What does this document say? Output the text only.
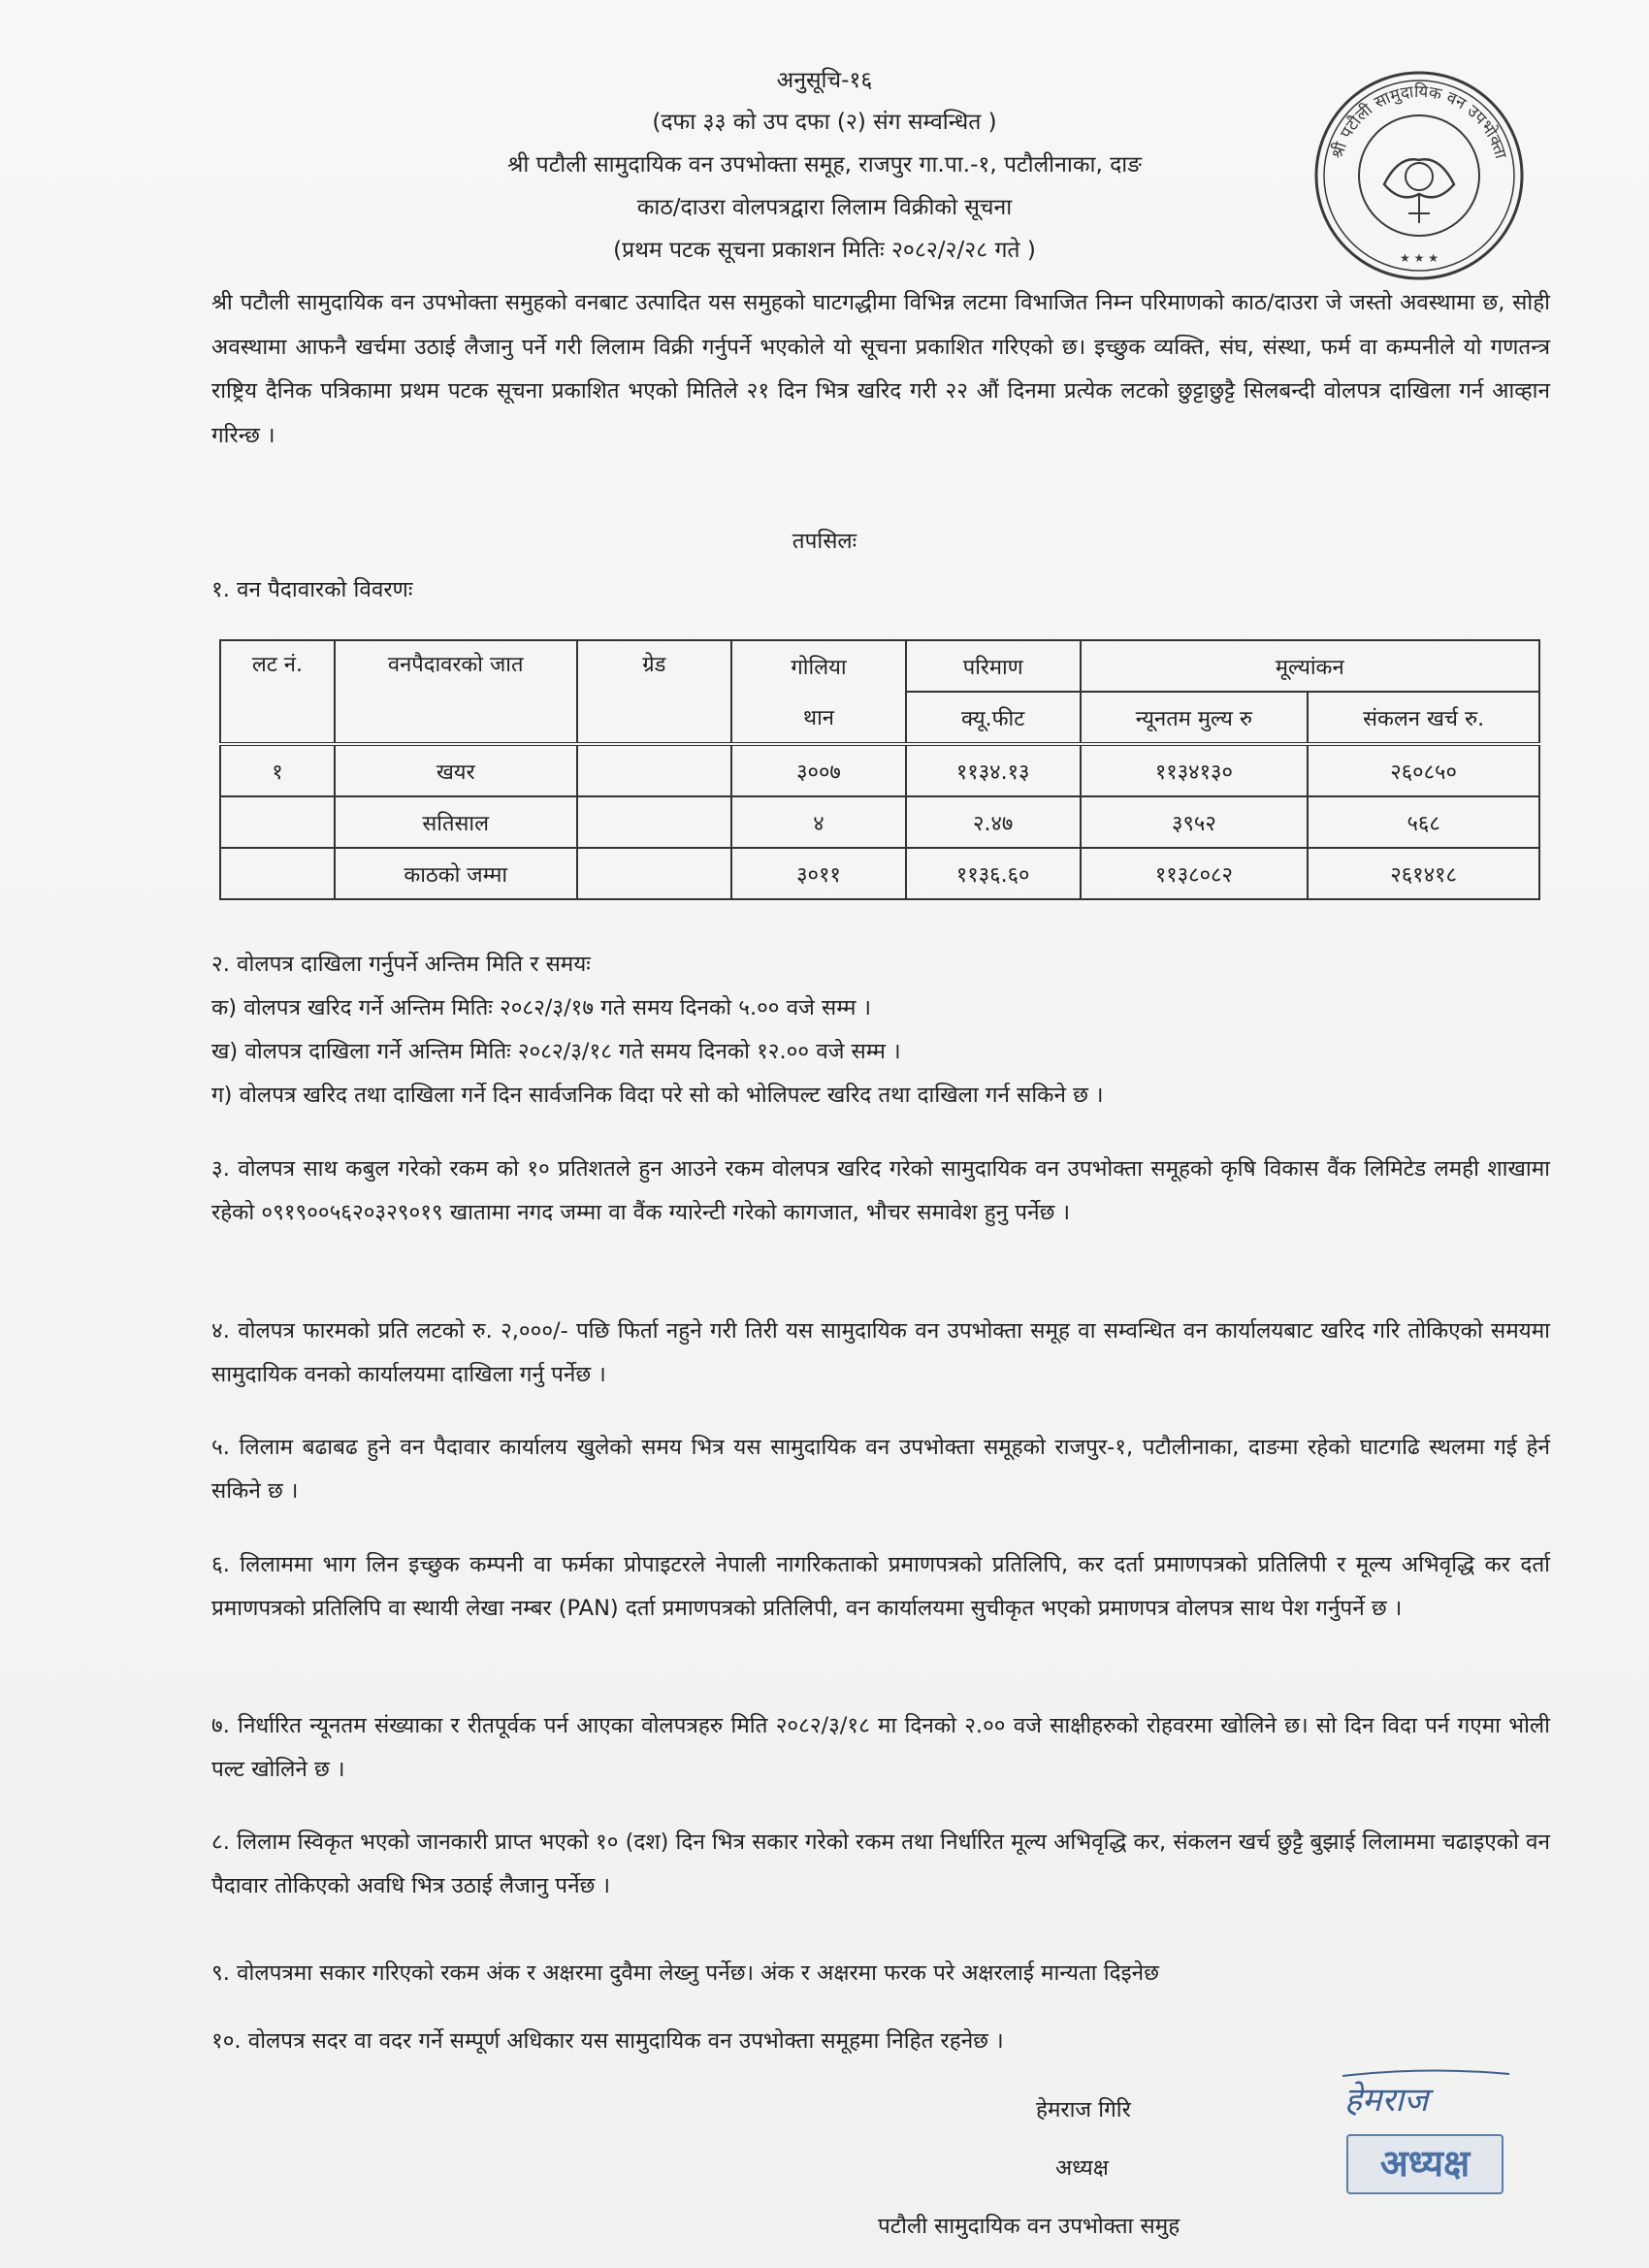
अनुसूचि-१६
(दफा ३३ को उप दफा (२) संग सम्वन्धित )
श्री पटौली सामुदायिक वन उपभोक्ता समूह, राजपुर गा.पा.-१, पटौलीनाका, दाङ
काठ/दाउरा वोलपत्रद्वारा लिलाम विक्रीको सूचना
(प्रथम पटक सूचना प्रकाशन मितिः २०८२/२/२८ गते )
श्री पटौली सामुदायिक वन उपभोक्ता
★ ★ ★
श्री पटौली सामुदायिक वन उपभोक्ता समुहको वनबाट उत्पादित यस समुहको घाटगद्धीमा विभिन्न लटमा विभाजित निम्न परिमाणको काठ/दाउरा जे जस्तो अवस्थामा छ, सोही अवस्थामा आफनै खर्चमा उठाई लैजानु पर्ने गरी लिलाम विक्री गर्नुपर्ने भएकोले यो सूचना प्रकाशित गरिएको छ। इच्छुक व्यक्ति, संघ, संस्था, फर्म वा कम्पनीले यो गणतन्त्र राष्ट्रिय दैनिक पत्रिकामा प्रथम पटक सूचना प्रकाशित भएको मितिले २१ दिन भित्र खरिद गरी २२ औं दिनमा प्रत्येक लटको छुट्टाछुट्टै सिलबन्दी वोलपत्र दाखिला गर्न आव्हान गरिन्छ ।
तपसिलः
१. वन पैदावारको विवरणः
लट नं.	वनपैदावरको जात	ग्रेड	गोलिया	परिमाण	मूल्यांकन	
			थान	क्यू.फीट	न्यूनतम मुल्य रु	संकलन खर्च रु.
१	खयर		३००७	११३४.१३	११३४१३०	२६०८५०
	सतिसाल		४	२.४७	३९५२	५६८
	काठको जम्मा		३०११	११३६.६०	११३८०८२	२६१४१८
२. वोलपत्र दाखिला गर्नुपर्ने अन्तिम मिति र समयः
क) वोलपत्र खरिद गर्ने अन्तिम मितिः २०८२/३/१७ गते समय दिनको ५.०० वजे सम्म ।
ख) वोलपत्र दाखिला गर्ने अन्तिम मितिः २०८२/३/१८ गते समय दिनको १२.०० वजे सम्म ।
ग) वोलपत्र खरिद तथा दाखिला गर्ने दिन सार्वजनिक विदा परे सो को भोलिपल्ट खरिद तथा दाखिला गर्न सकिने छ ।
३. वोलपत्र साथ कबुल गरेको रकम को १० प्रतिशतले हुन आउने रकम वोलपत्र खरिद गरेको सामुदायिक वन उपभोक्ता समूहको कृषि विकास वैंक लिमिटेड लमही शाखामा रहेको ०९१९००५६२०३२९०१९ खातामा नगद जम्मा वा वैंक ग्यारेन्टी गरेको कागजात, भौचर समावेश हुनु पर्नेछ ।
४. वोलपत्र फारमको प्रति लटको रु. २,०००/- पछि फिर्ता नहुने गरी तिरी यस सामुदायिक वन उपभोक्ता समूह वा सम्वन्धित वन कार्यालयबाट खरिद गरि तोकिएको समयमा सामुदायिक वनको कार्यालयमा दाखिला गर्नु पर्नेछ ।
५. लिलाम बढाबढ हुने वन पैदावार कार्यालय खुलेको समय भित्र यस सामुदायिक वन उपभोक्ता समूहको राजपुर-१, पटौलीनाका, दाङमा रहेको घाटगढि स्थलमा गई हेर्न सकिने छ ।
६. लिलाममा भाग लिन इच्छुक कम्पनी वा फर्मका प्रोपाइटरले नेपाली नागरिकताको प्रमाणपत्रको प्रतिलिपि, कर दर्ता प्रमाणपत्रको प्रतिलिपी र मूल्य अभिवृद्धि कर दर्ता प्रमाणपत्रको प्रतिलिपि वा स्थायी लेखा नम्बर (PAN) दर्ता प्रमाणपत्रको प्रतिलिपी, वन कार्यालयमा सुचीकृत भएको प्रमाणपत्र वोलपत्र साथ पेश गर्नुपर्ने छ ।
७. निर्धारित न्यूनतम संख्याका र रीतपूर्वक पर्न आएका वोलपत्रहरु मिति २०८२/३/१८ मा दिनको २.०० वजे साक्षीहरुको रोहवरमा खोलिने छ। सो दिन विदा पर्न गएमा भोली पल्ट खोलिने छ ।
८. लिलाम स्विकृत भएको जानकारी प्राप्त भएको १० (दश) दिन भित्र सकार गरेको रकम तथा निर्धारित मूल्य अभिवृद्धि कर, संकलन खर्च छुट्टै बुझाई लिलाममा चढाइएको वन पैदावार तोकिएको अवधि भित्र उठाई लैजानु पर्नेछ ।
९. वोलपत्रमा सकार गरिएको रकम अंक र अक्षरमा दुवैमा लेख्नु पर्नेछ। अंक र अक्षरमा फरक परे अक्षरलाई मान्यता दिइनेछ
१०. वोलपत्र सदर वा वदर गर्ने सम्पूर्ण अधिकार यस सामुदायिक वन उपभोक्ता समूहमा निहित रहनेछ ।
हेमराज गिरि
अध्यक्ष
पटौली सामुदायिक वन उपभोक्ता समुह
हेमराज
अध्यक्ष
